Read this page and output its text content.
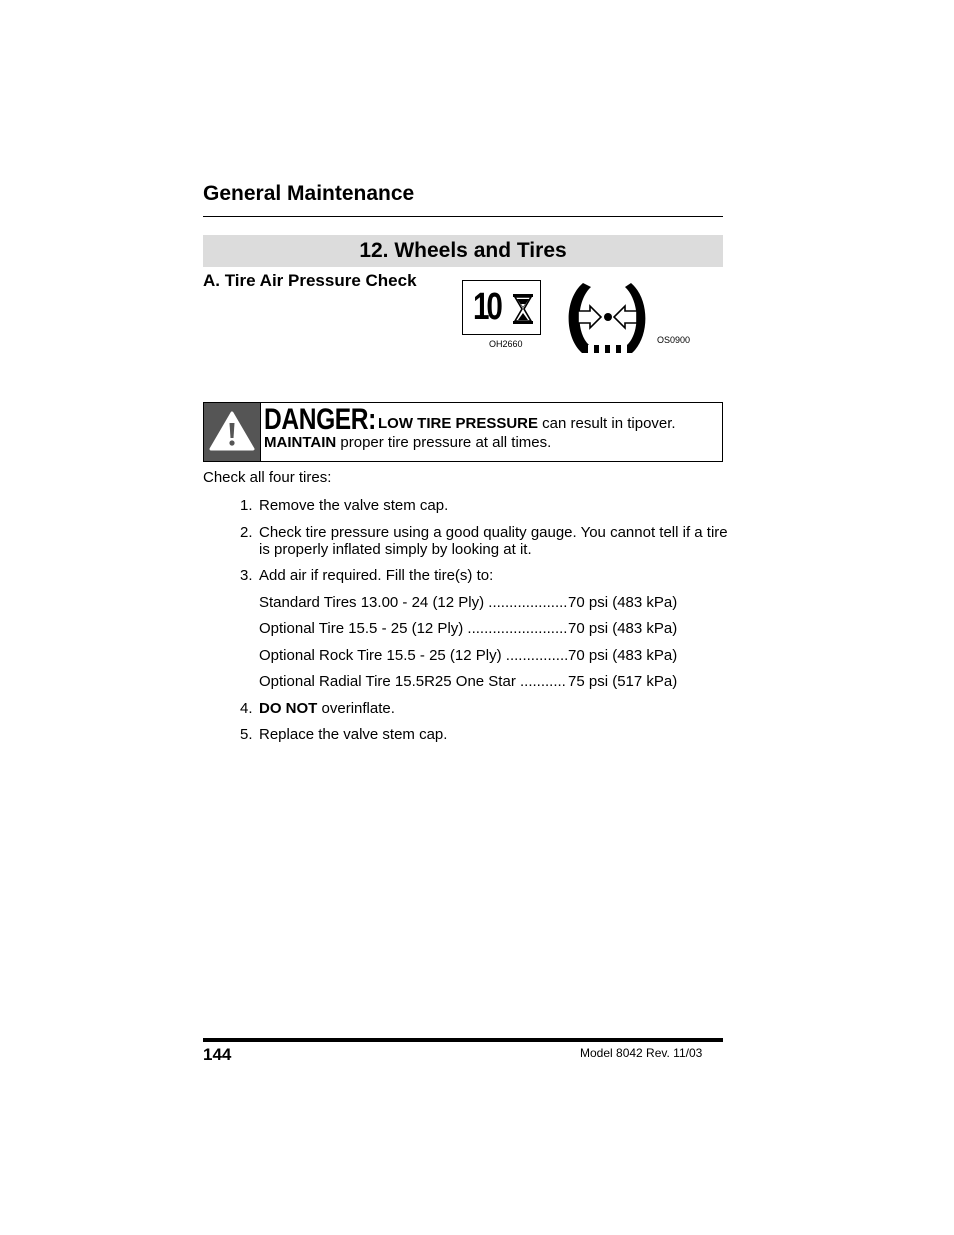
General Maintenance
12. Wheels and Tires
A. Tire Air Pressure Check
10
OH2660	OS0900
DANGER: LOW TIRE PRESSURE can result in tipover.
MAINTAIN proper tire pressure at all times.
Check all four tires:
1. Remove the valve stem cap.
2. Check tire pressure using a good quality gauge. You cannot tell if a tire is properly inflated simply by looking at it.
3. Add air if required. Fill the tire(s) to:
Standard Tires 13.00 - 24 (12 Ply) .....	70 psi (483 kPa)
Optional Tire 15.5 - 25 (12 Ply) .....	70 psi (483 kPa)
Optional Rock Tire 15.5 - 25 (12 Ply) .....	70 psi (483 kPa)
Optional Radial Tire 15.5R25 One Star .....	75 psi (517 kPa)
4. DO NOT overinflate.
5. Replace the valve stem cap.
144	Model 8042 Rev. 11/03
